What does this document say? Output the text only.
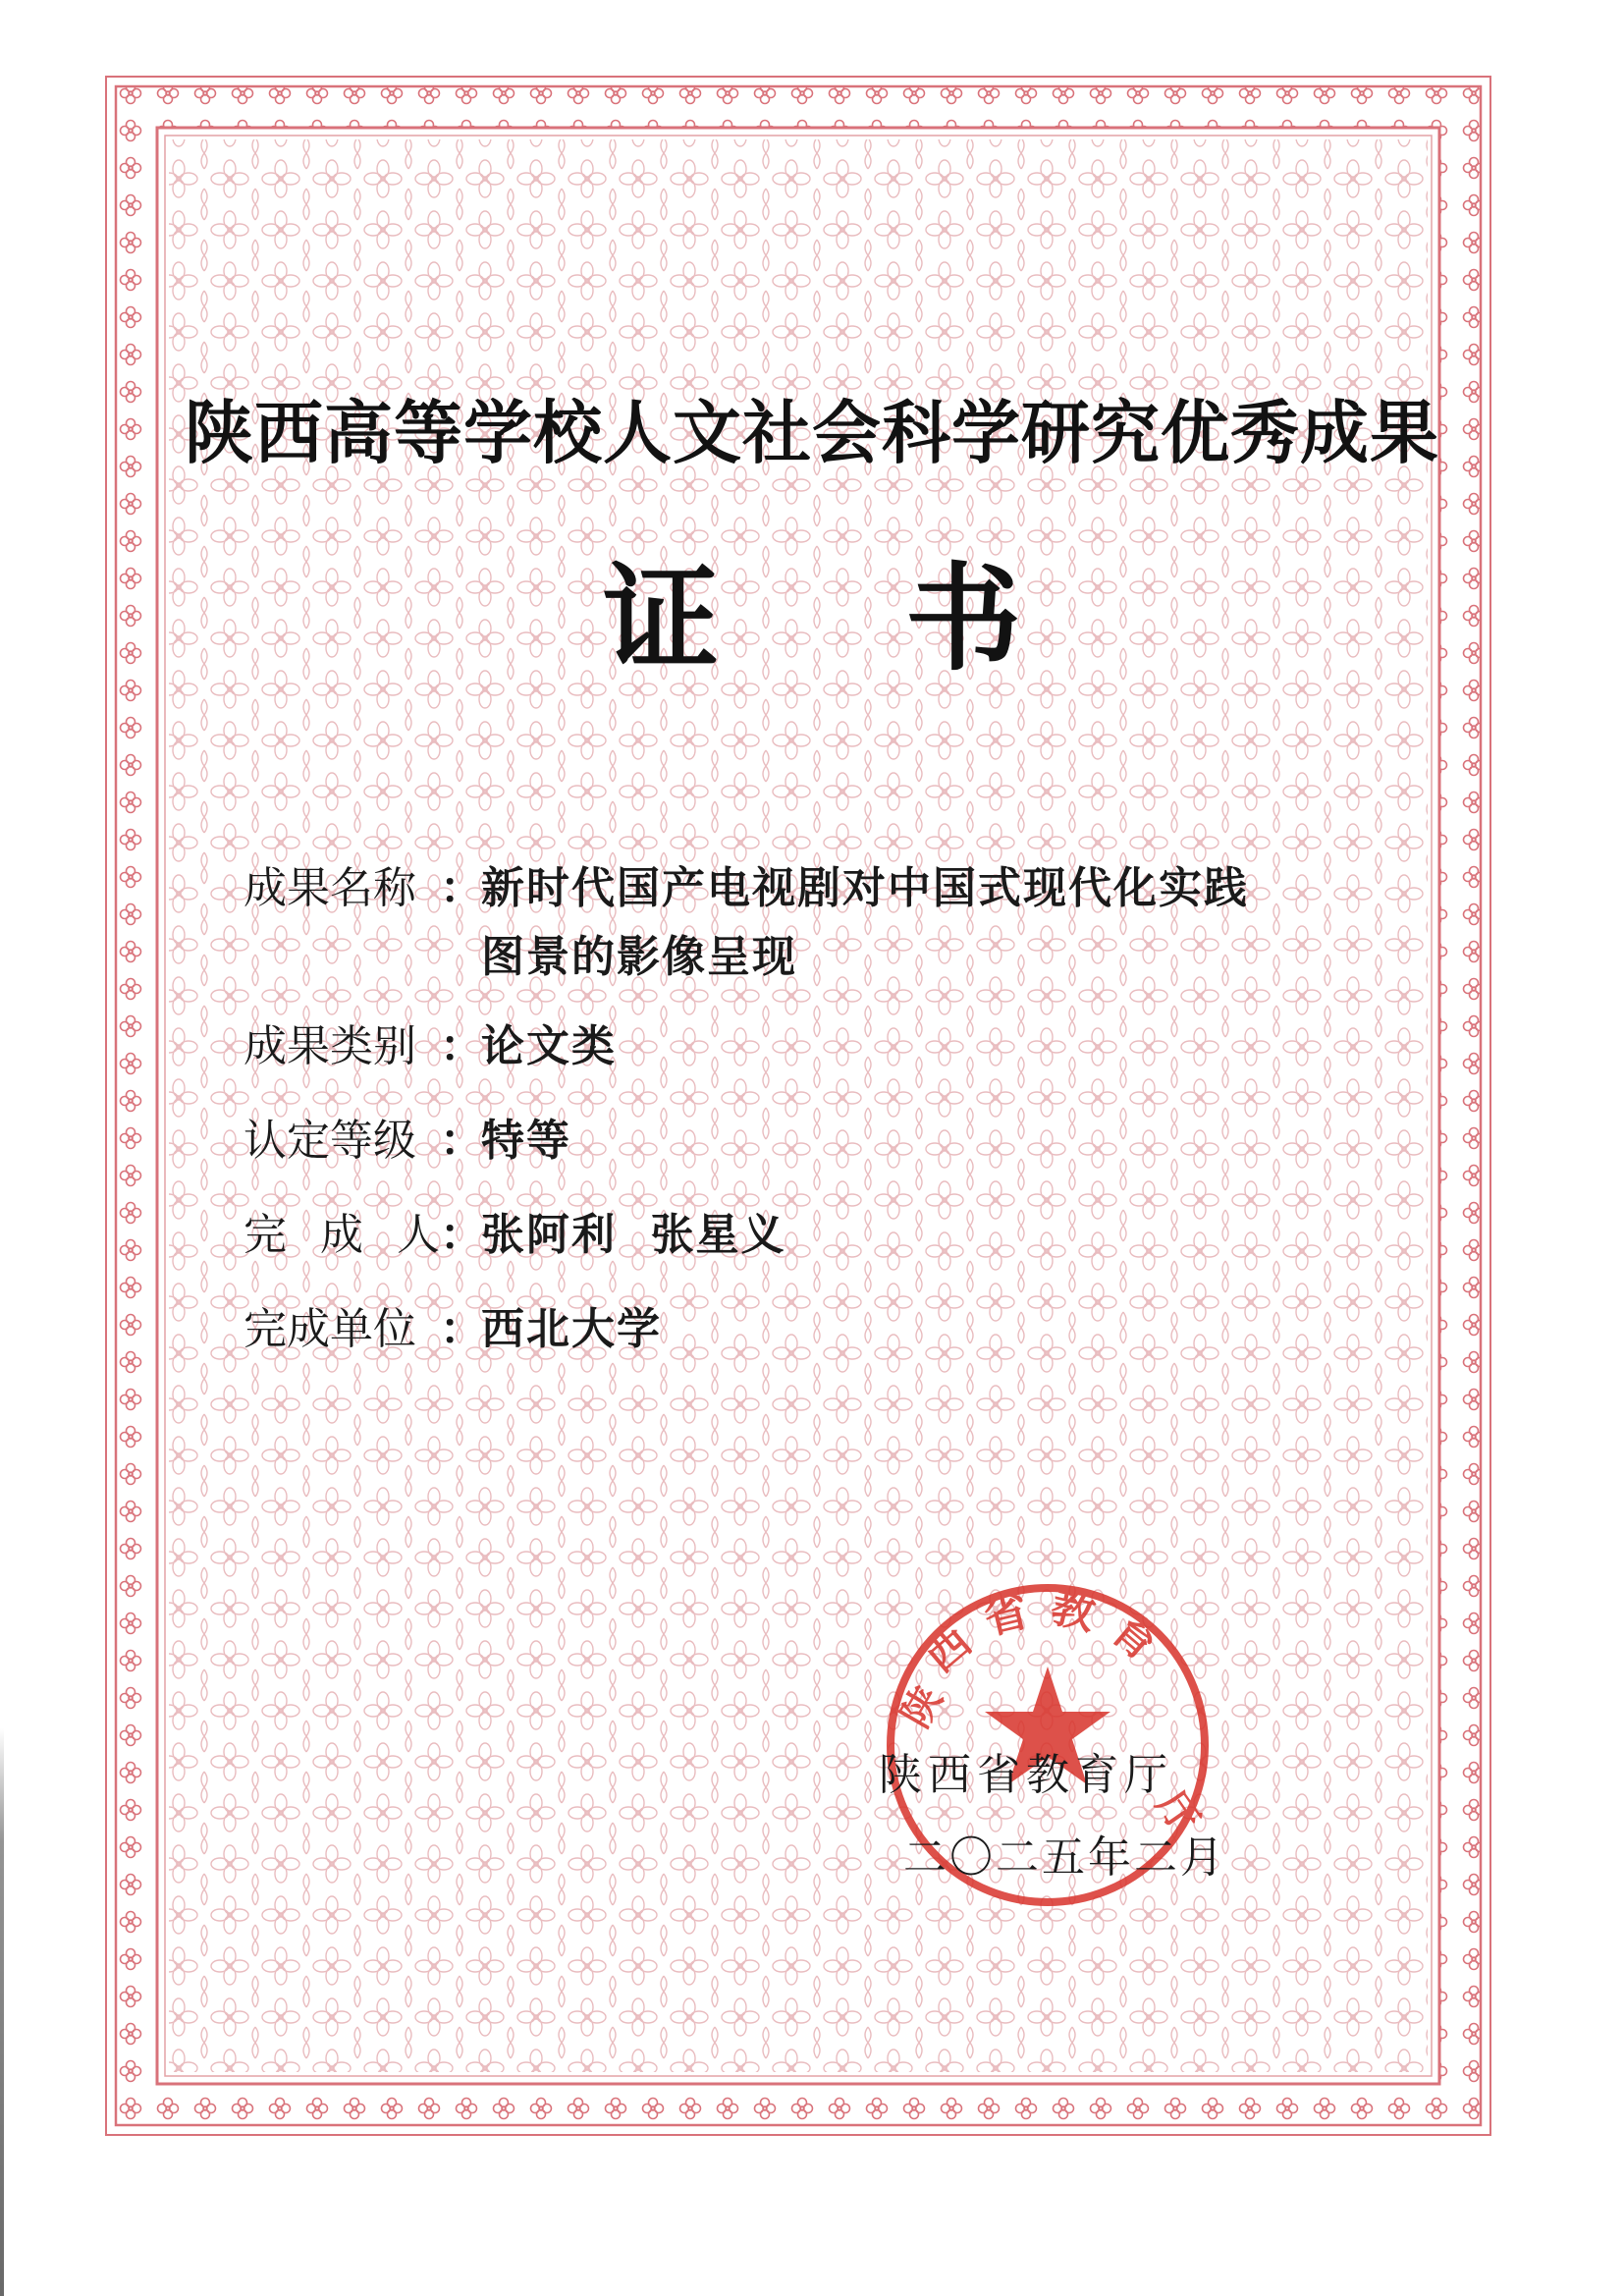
陕西高等学校人文社会科学研究优秀成果
证 书
成果名称 ：
新时代国产电视剧对中国式现代化实践
图景的影像呈现
成果类别 ：
论文类
认定等级 ：
特等
完 成 人 ：
张阿利  张星义
完成单位 ：
西北大学
西省教育
陕
厅
陕西省教育厅
二〇二五年二月
